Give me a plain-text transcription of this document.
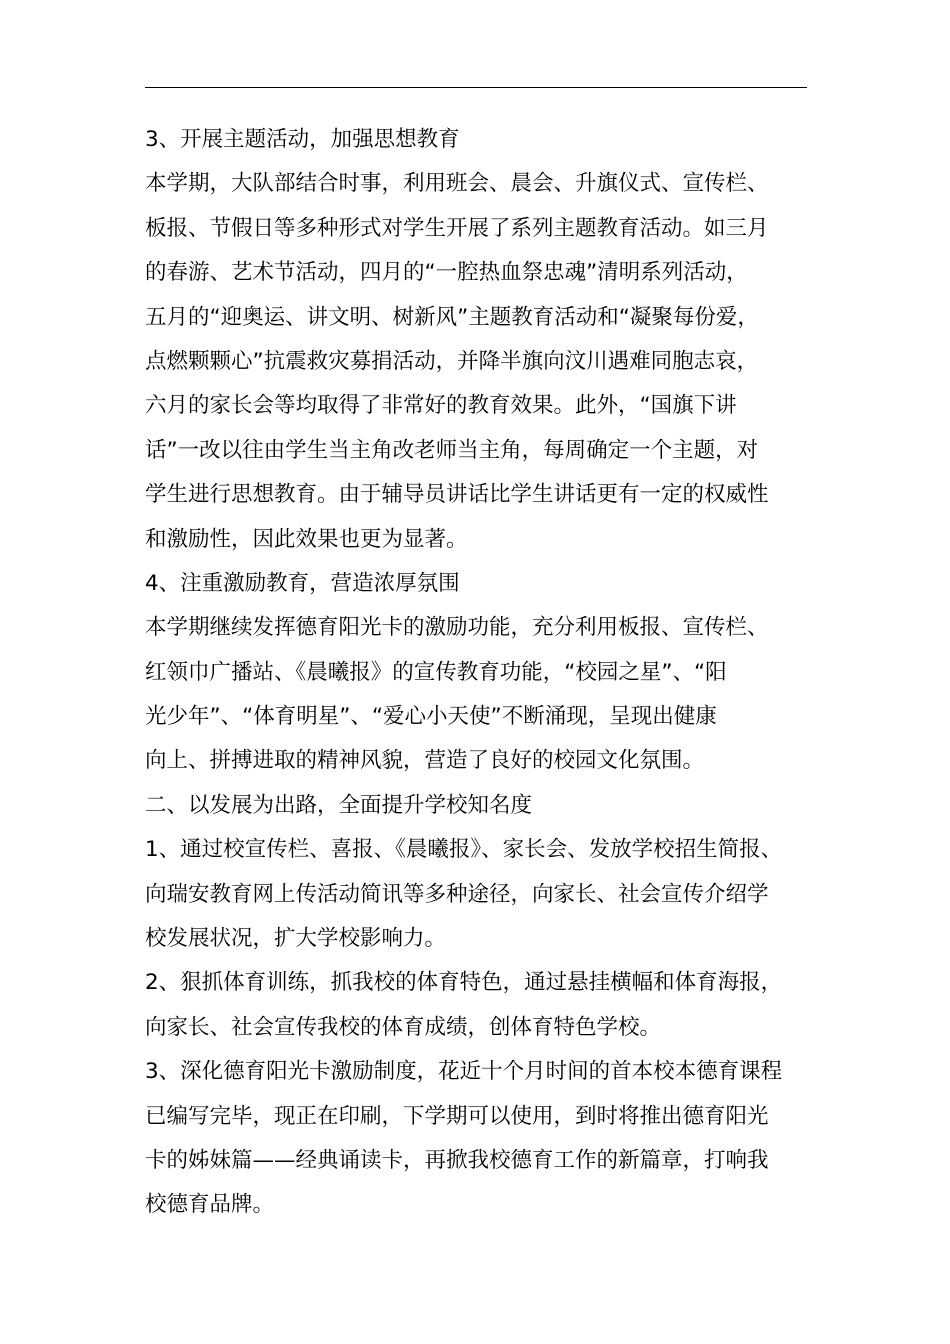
3、开展主题活动，加强思想教育
本学期，大队部结合时事，利用班会、晨会、升旗仪式、宣传栏、
板报、节假日等多种形式对学生开展了系列主题教育活动。如三月
的春游、艺术节活动，四月的“一腔热血祭忠魂”清明系列活动，
五月的“迎奥运、讲文明、树新风”主题教育活动和“凝聚每份爱，
点燃颗颗心”抗震救灾募捐活动，并降半旗向汶川遇难同胞志哀，
六月的家长会等均取得了非常好的教育效果。此外，“国旗下讲
话”一改以往由学生当主角改老师当主角，每周确定一个主题，对
学生进行思想教育。由于辅导员讲话比学生讲话更有一定的权威性
和激励性，因此效果也更为显著。
4、注重激励教育，营造浓厚氛围
本学期继续发挥德育阳光卡的激励功能，充分利用板报、宣传栏、
红领巾广播站、《晨曦报》的宣传教育功能，“校园之星”、“阳
光少年”、“体育明星”、“爱心小天使”不断涌现，呈现出健康
向上、拼搏进取的精神风貌，营造了良好的校园文化氛围。
二、以发展为出路，全面提升学校知名度
1、通过校宣传栏、喜报、《晨曦报》、家长会、发放学校招生简报、
向瑞安教育网上传活动简讯等多种途径，向家长、社会宣传介绍学
校发展状况，扩大学校影响力。
2、狠抓体育训练，抓我校的体育特色，通过悬挂横幅和体育海报，
向家长、社会宣传我校的体育成绩，创体育特色学校。
3、深化德育阳光卡激励制度，花近十个月时间的首本校本德育课程
已编写完毕，现正在印刷，下学期可以使用，到时将推出德育阳光
卡的姊妹篇——经典诵读卡，再掀我校德育工作的新篇章，打响我
校德育品牌。
